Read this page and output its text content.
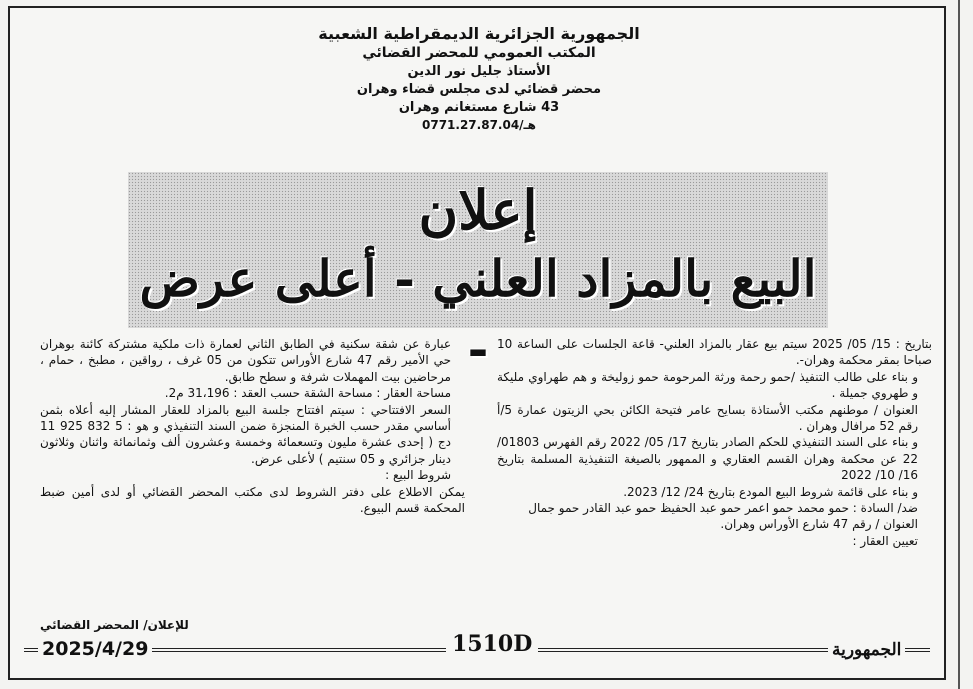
الجمهورية الجزائرية الديمقراطية الشعبية
المكتب العمومي للمحضر القضائي
الأستاذ جليل نور الدين
محضر قضائي لدى مجلس قضاء وهران
43 شارع مستغانم وهران
هـ/0771.27.87.04
إعلان
البيع بالمزاد العلني - أعلى عرض - بتاريخ : 15/ 05/ 2025 سيتم بيع عقار بالمزاد العلني- قاعة الجلسات على الساعة 10 صباحا بمقر محكمة وهران-.

و بناء على طالب التنفيذ /حمو رحمة ورثة المرحومة حمو زوليخة و هم طهراوي مليكة و طهروي جميلة .

العنوان / موطنهم مكتب الأستاذة بسايح عامر فتيحة الكائن بحي الزيتون عمارة 5/أ رقم 52 مرافال وهران .

و بناء على السند التنفيذي للحكم الصادر بتاريخ 17/ 05/ 2022 رقم الفهرس 01803/ 22 عن محكمة وهران القسم العقاري و الممهور بالصيغة التنفيذية المسلمة بتاريخ 16/ 10/ 2022

و بناء على قائمة شروط البيع المودع بتاريخ 24/ 12/ 2023.

ضد/ السادة : حمو محمد حمو اعمر حمو عبد الحفيظ حمو عبد القادر حمو جمال

العنوان / رقم 47 شارع الأوراس وهران.

تعيين العقار :

عبارة عن شقة سكنية في الطابق الثاني لعمارة ذات ملكية مشتركة كائنة بوهران حي الأمير رقم 47 شارع الأوراس تتكون من 05 غرف ، رواقين ، مطبخ ، حمام ، مرحاضين بيت المهملات شرفة و سطح طابق.

مساحة العقار : مساحة الشقة حسب العقد : 31،196 م2.

السعر الافتتاحي : سيتم افتتاح جلسة البيع بالمزاد للعقار المشار إليه أعلاه بثمن أساسي مقدر حسب الخبرة المنجزة ضمن السند التنفيذي و هو : 5 832 925 11 دج ( إحدى عشرة مليون وتسعمائة وخمسة وعشرون ألف وثمانمائة واثنان وثلاثون دينار جزائري و 05 سنتيم ) لأعلى عرض.

شروط البيع :

يمكن الاطلاع على دفتر الشروط لدى مكتب المحضر القضائي أو لدى أمين ضبط المحكمة قسم البيوع.

للإعلان/ المحضر القضائي
2025/4/29	1510D	الجمهورية
